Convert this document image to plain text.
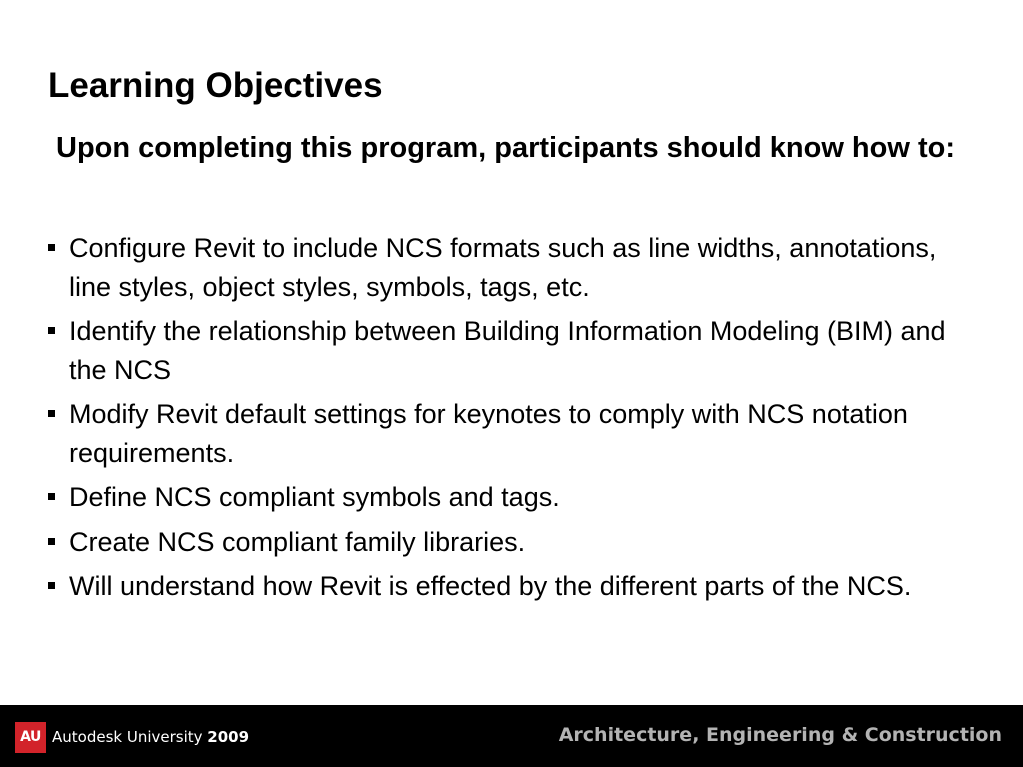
Learning Objectives
Upon completing this program, participants should know how to:
Configure Revit to include NCS formats such as line widths, annotations, line styles, object styles, symbols, tags, etc.
Identify the relationship between Building Information Modeling (BIM) and the NCS
Modify Revit default settings for keynotes to comply with NCS notation requirements.
Define NCS compliant symbols and tags.
Create NCS compliant family libraries.
Will understand how Revit is effected by the different parts of the NCS.
AU Autodesk University 2009	Architecture, Engineering & Construction
